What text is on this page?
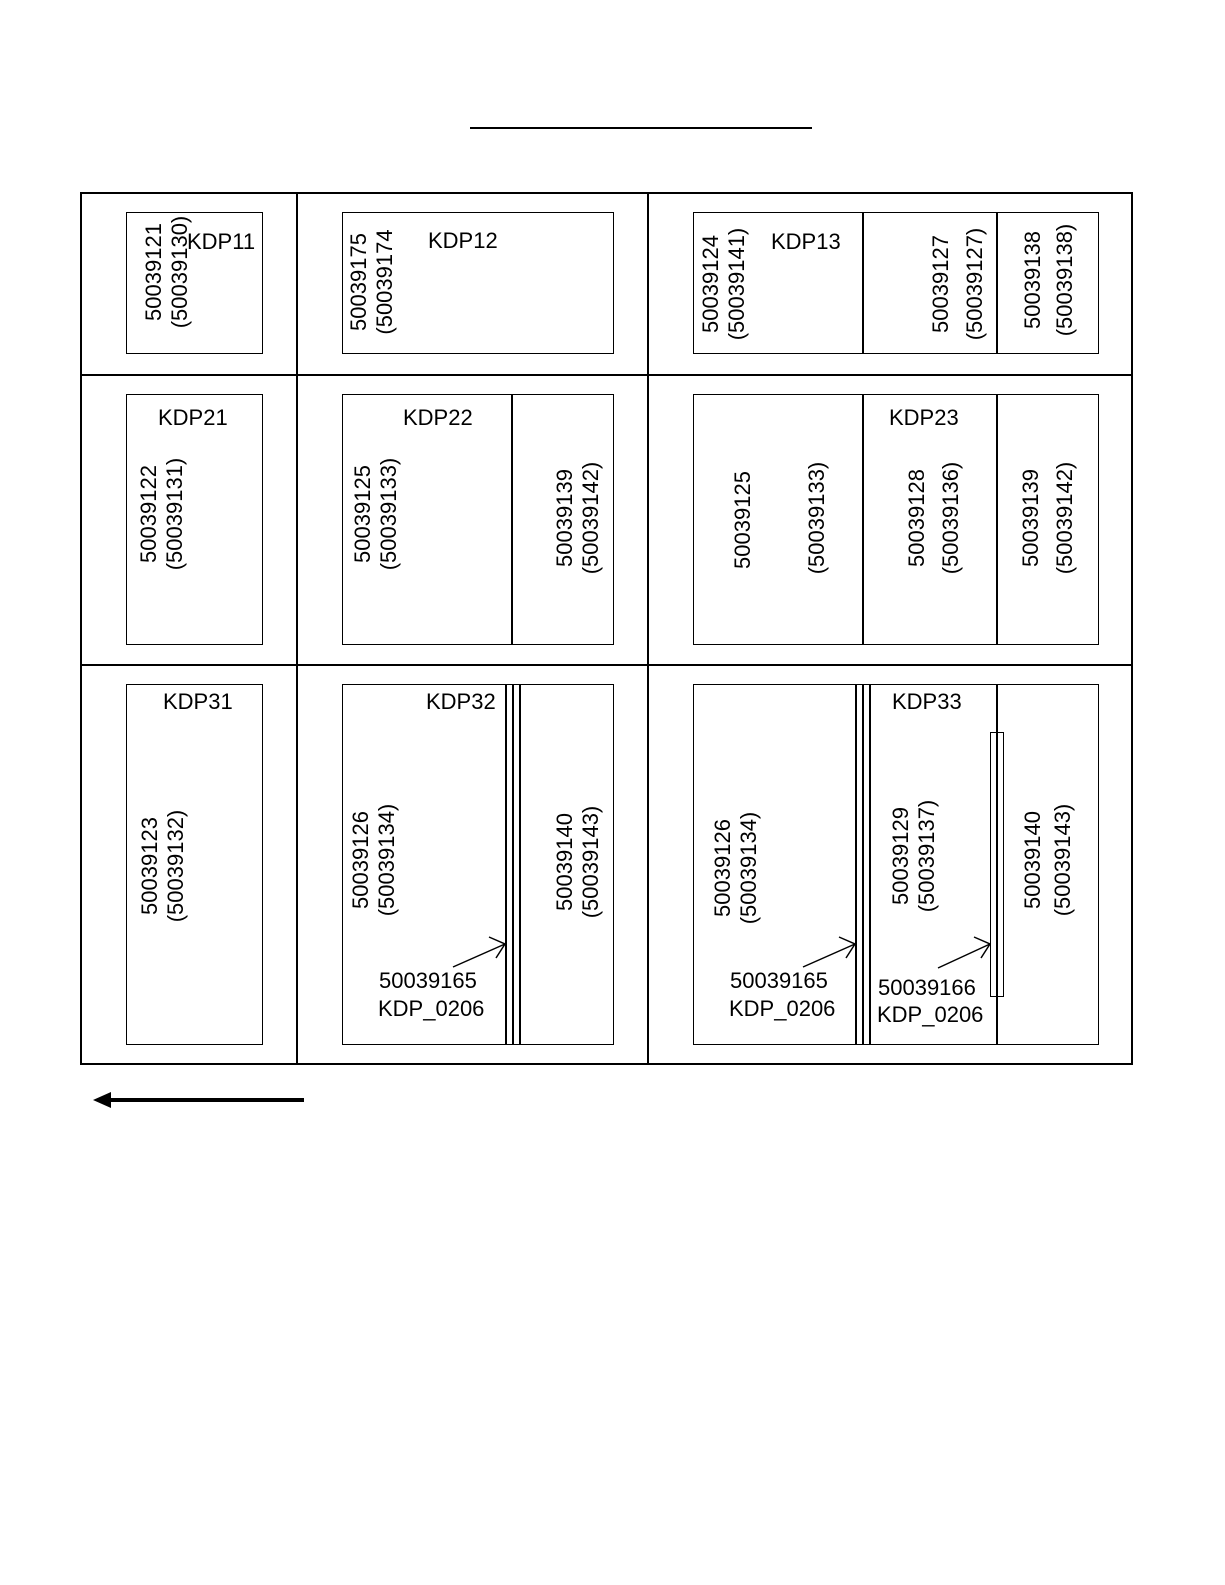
KDP11
50039121 (50039130)	KDP12
50039175 (50039174	KDP13
50039124 (50039141)	50039127 (50039127) 50039138 (50039138)
KDP21
50039122 (50039131)
KDP22
50039125 (50039133)	50039139 (50039142)
KDP23
50039125 (50039133)	50039128 (50039136)	50039139 (50039142)
KDP31
50039123 (50039132)
KDP32
50039126 (50039134)	50039140 (50039143)
50039165
KDP_0206
KDP33
50039126 (50039134)	50039129 (50039137)	50039140 (50039143)
50039165
KDP_0206
50039166
KDP_0206
